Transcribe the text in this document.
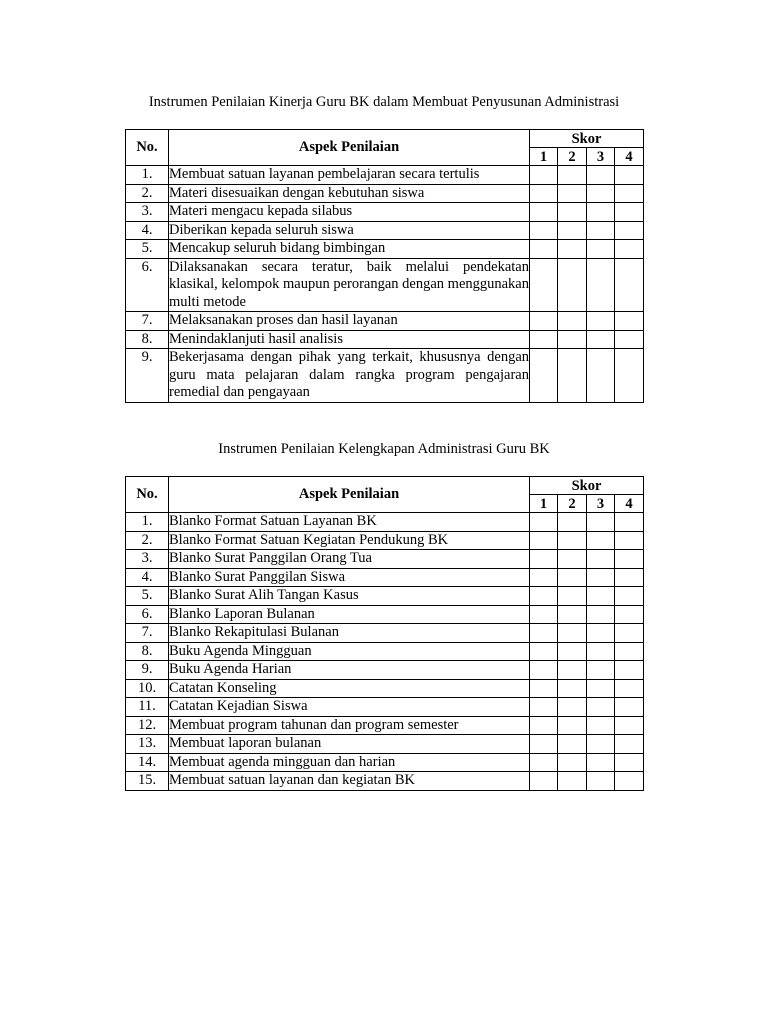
Instrumen Penilaian Kinerja Guru BK dalam Membuat Penyusunan Administrasi
No.	Aspek Penilaian	Skor			
		1	2	3	4
1.	Membuat satuan layanan pembelajaran secara tertulis				
2.	Materi disesuaikan dengan kebutuhan siswa				
3.	Materi mengacu kepada silabus				
4.	Diberikan kepada seluruh siswa				
5.	Mencakup seluruh bidang bimbingan				
6.	Dilaksanakan secara teratur, baik melalui pendekatan klasikal, kelompok maupun perorangan dengan menggunakan multi metode				
7.	Melaksanakan proses dan hasil layanan				
8.	Menindaklanjuti hasil analisis				
9.	Bekerjasama dengan pihak yang terkait, khususnya dengan guru mata pelajaran dalam rangka program pengajaran remedial dan pengayaan				
Instrumen Penilaian Kelengkapan Administrasi Guru BK
No.	Aspek Penilaian	Skor			
		1	2	3	4
1.	Blanko Format Satuan Layanan BK				
2.	Blanko Format Satuan Kegiatan Pendukung BK				
3.	Blanko Surat Panggilan Orang Tua				
4.	Blanko Surat Panggilan Siswa				
5.	Blanko Surat Alih Tangan Kasus				
6.	Blanko Laporan Bulanan				
7.	Blanko Rekapitulasi Bulanan				
8.	Buku Agenda Mingguan				
9.	Buku Agenda Harian				
10.	Catatan Konseling				
11.	Catatan Kejadian Siswa				
12.	Membuat program tahunan dan program semester				
13.	Membuat laporan bulanan				
14.	Membuat agenda mingguan dan harian				
15.	Membuat satuan layanan dan kegiatan BK				
